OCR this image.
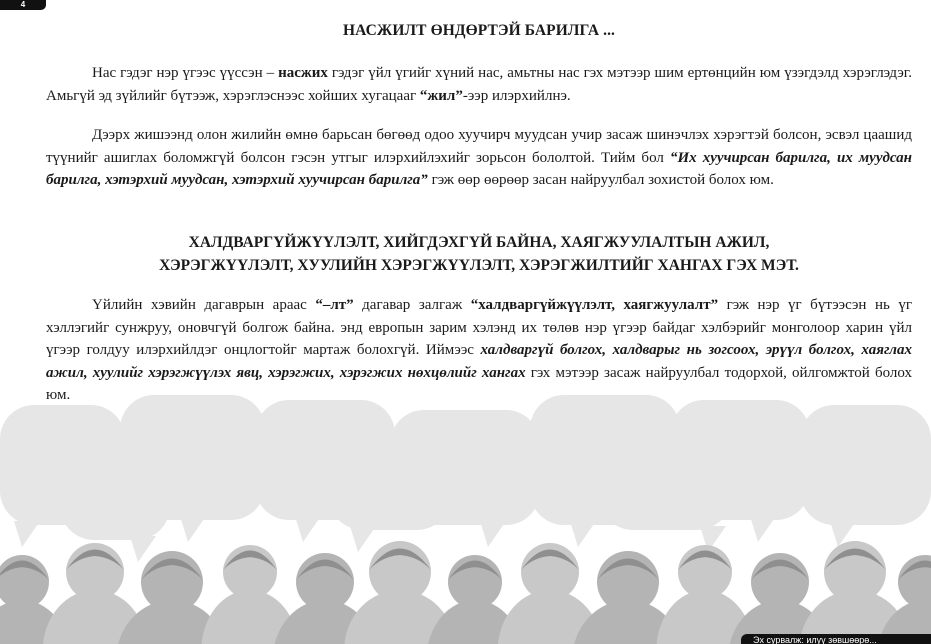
4
НАСЖИЛТ ӨНДӨРТЭЙ БАРИЛГА ...

Нас гэдэг нэр үгээс үүссэн – насжих гэдэг үйл үгийг хүний нас, амьтны нас гэх мэтээр шим ертөнцийн юм үзэгдэлд хэрэглэдэг. Амьгүй эд зүйлийг бүтээж, хэрэглэснээс хойших хугацааг “жил”-ээр илэрхийлнэ.

Дээрх жишээнд олон жилийн өмнө барьсан бөгөөд одоо хуучирч муудсан учир засаж шинэчлэх хэрэгтэй болсон, эсвэл цаашид түүнийг ашиглах боломжгүй болсон гэсэн утгыг илэрхийлэхийг зорьсон бололтой. Тийм бол “Их хуучирсан барилга, их муудсан барилга, хэтэрхий муудсан, хэтэрхий хуучирсан барилга” гэж өөр өөрөөр засан найруулбал зохистой болох юм.

ХАЛДВАРГҮЙЖҮҮЛЭЛТ, ХИЙГДЭХГҮЙ БАЙНА, ХАЯГЖУУЛАЛТЫН АЖИЛ,
ХЭРЭГЖҮҮЛЭЛТ, ХУУЛИЙН ХЭРЭГЖҮҮЛЭЛТ, ХЭРЭГЖИЛТИЙГ ХАНГАХ ГЭХ МЭТ.

Үйлийн хэвийн дагаврын араас “–лт” дагавар залгаж “халдваргүйжүүлэлт, хаягжуулалт” гэж нэр үг бүтээсэн нь үг хэллэгийг сунжруу, оновчгүй болгож байна. энд европын зарим хэлэнд их төлөв нэр үгээр байдаг хэлбэрийг монголоор харин үйл үгээр голдуу илэрхийлдэг онцлогтойг мартаж болохгүй. Иймээс халдваргүй болгох, халдварыг нь зогсоох, эрүүл болгох, хаяглах ажил, хуулийг хэрэгжүүлэх явц, хэрэгжих, хэрэгжих нөхцөлийг хангах гэх мэтээр засаж найруулбал тодорхой, ойлгомжтой болох юм.

Эх сурвалж: илүү зөвшөөрө...
